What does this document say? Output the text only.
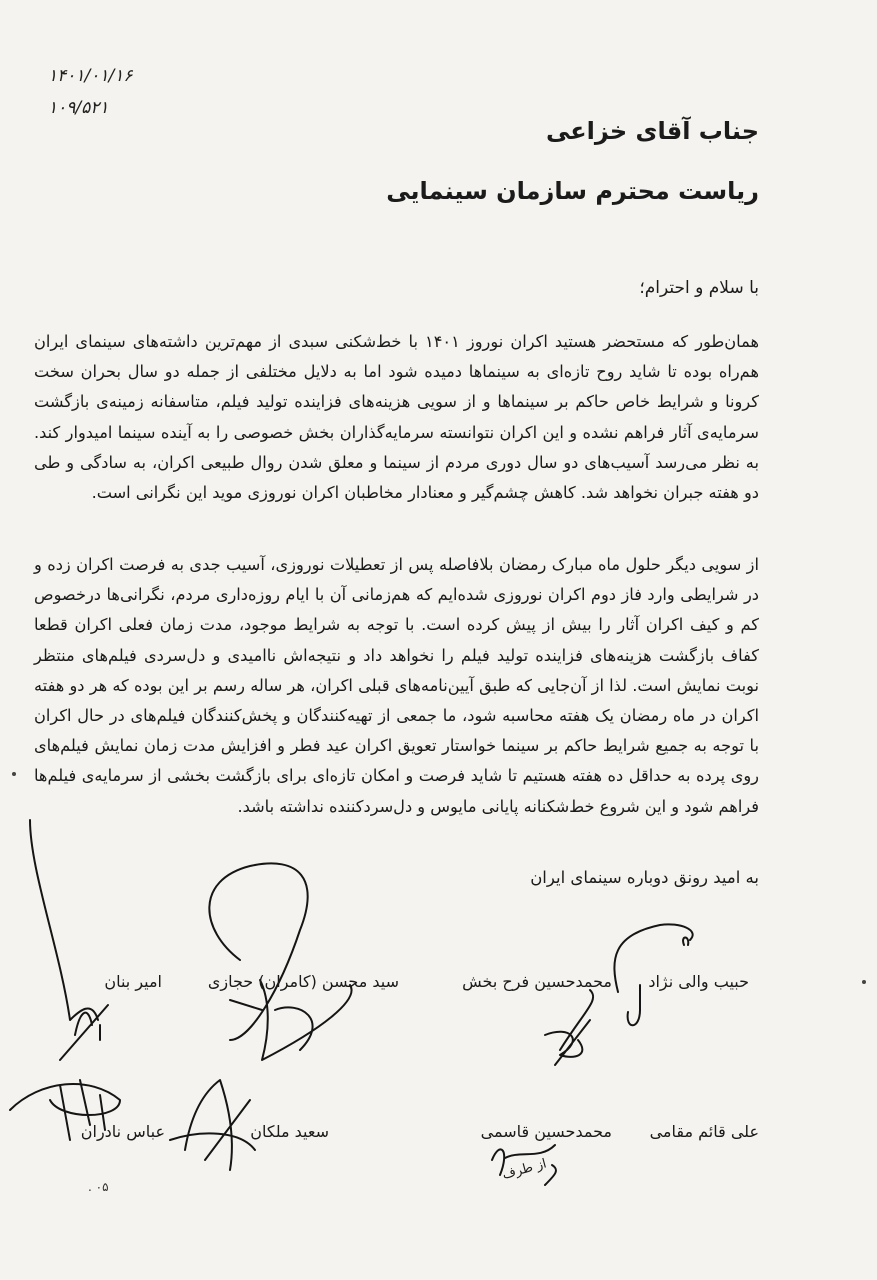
۱۴۰۱/۰۱/۱۶
۱۰۹/۵۲۱
جناب آقای خزاعی
ریاست محترم سازمان سینمایی
با سلام و احترام؛
همان‌طور که مستحضر هستید اکران نوروز ۱۴۰۱ با خط‌شکنی سبدی از مهم‌ترین داشته‌های سینمای ایران هم‌راه بوده تا شاید روح تازه‌ای به سینماها دمیده شود اما به دلایل مختلفی از جمله دو سال بحران سخت کرونا و شرایط خاص حاکم بر سینماها و از سویی هزینه‌های فزاینده تولید فیلم، متاسفانه زمینه‌ی بازگشت سرمایه‌ی آثار فراهم نشده و این اکران نتوانسته سرمایه‌گذاران بخش خصوصی را به آینده سینما امیدوار کند. به نظر می‌رسد آسیب‌های دو سال دوری مردم از سینما و معلق شدن روال طبیعی اکران، به سادگی و طی دو هفته جبران نخواهد شد. کاهش چشم‌گیر و معنادار مخاطبان اکران نوروزی موید این نگرانی است.
از سویی دیگر حلول ماه مبارک رمضان بلافاصله پس از تعطیلات نوروزی، آسیب جدی به فرصت اکران زده و در شرایطی وارد فاز دوم اکران نوروزی شده‌ایم که هم‌زمانی آن با ایام روزه‌داری مردم، نگرانی‌ها درخصوص کم و کیف اکران آثار را بیش از پیش کرده است. با توجه به شرایط موجود، مدت زمان فعلی اکران قطعا کفاف بازگشت هزینه‌های فزاینده تولید فیلم را نخواهد داد و نتیجه‌اش ناامیدی و دل‌سردی فیلم‌های منتظر نوبت نمایش است. لذا از آن‌جایی که طبق آیین‌نامه‌های قبلی اکران، هر ساله رسم بر این بوده که هر دو هفته اکران در ماه رمضان یک هفته محاسبه شود، ما جمعی از تهیه‌کنندگان و پخش‌کنندگان فیلم‌های در حال اکران با توجه به جمیع شرایط حاکم بر سینما خواستار تعویق اکران عید فطر و افزایش مدت زمان نمایش فیلم‌های روی پرده به حداقل ده هفته هستیم تا شاید فرصت و امکان تازه‌ای برای بازگشت بخشی از سرمایه‌ی فیلم‌ها فراهم شود و این شروع خط‌شکنانه پایانی مایوس و دل‌سردکننده نداشته باشد.
به امید رونق دوباره سینمای ایران
حبیب والی نژاد
محمدحسین فرح بخش
سید محسن (کامران) حجازی
امیر بنان
علی قائم مقامی
محمدحسین قاسمی
سعید ملکان
عباس نادران
از طرف
. ۰۵
